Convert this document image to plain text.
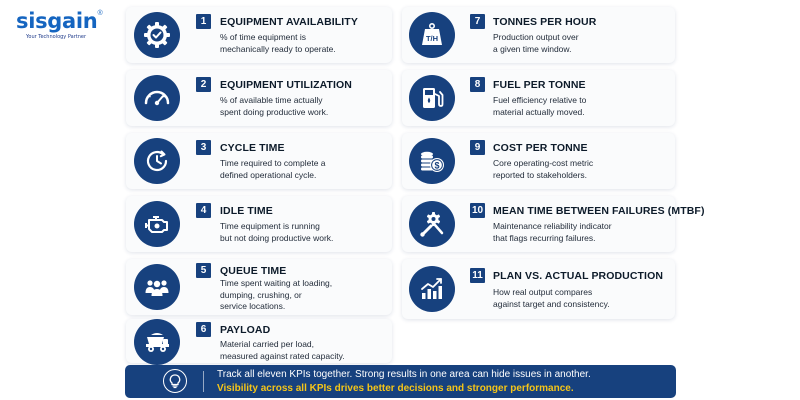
sisgain®
Your Technology Partner
1	EQUIPMENT AVAILABILITY
% of time equipment is
mechanically ready to operate.
2	EQUIPMENT UTILIZATION
% of available time actually
spent doing productive work.
3	CYCLE TIME
Time required to complete a
defined operational cycle.
4	IDLE TIME
Time equipment is running
but not doing productive work.
5	QUEUE TIME
Time spent waiting at loading,
dumping, crushing, or
service locations.
6	PAYLOAD
Material carried per load,
measured against rated capacity.
T/H
7	TONNES PER HOUR
Production output over
a given time window.
8	FUEL PER TONNE
Fuel efficiency relative to
material actually moved.
$
9	COST PER TONNE
Core operating-cost metric
reported to stakeholders.
10 MEAN TIME BETWEEN FAILURES (MTBF)
Maintenance reliability indicator
that flags recurring failures.
11 PLAN VS. ACTUAL PRODUCTION
How real output compares
against target and consistency.
Track all eleven KPIs together. Strong results in one area can hide issues in another.
Visibility across all KPIs drives better decisions and stronger performance.
